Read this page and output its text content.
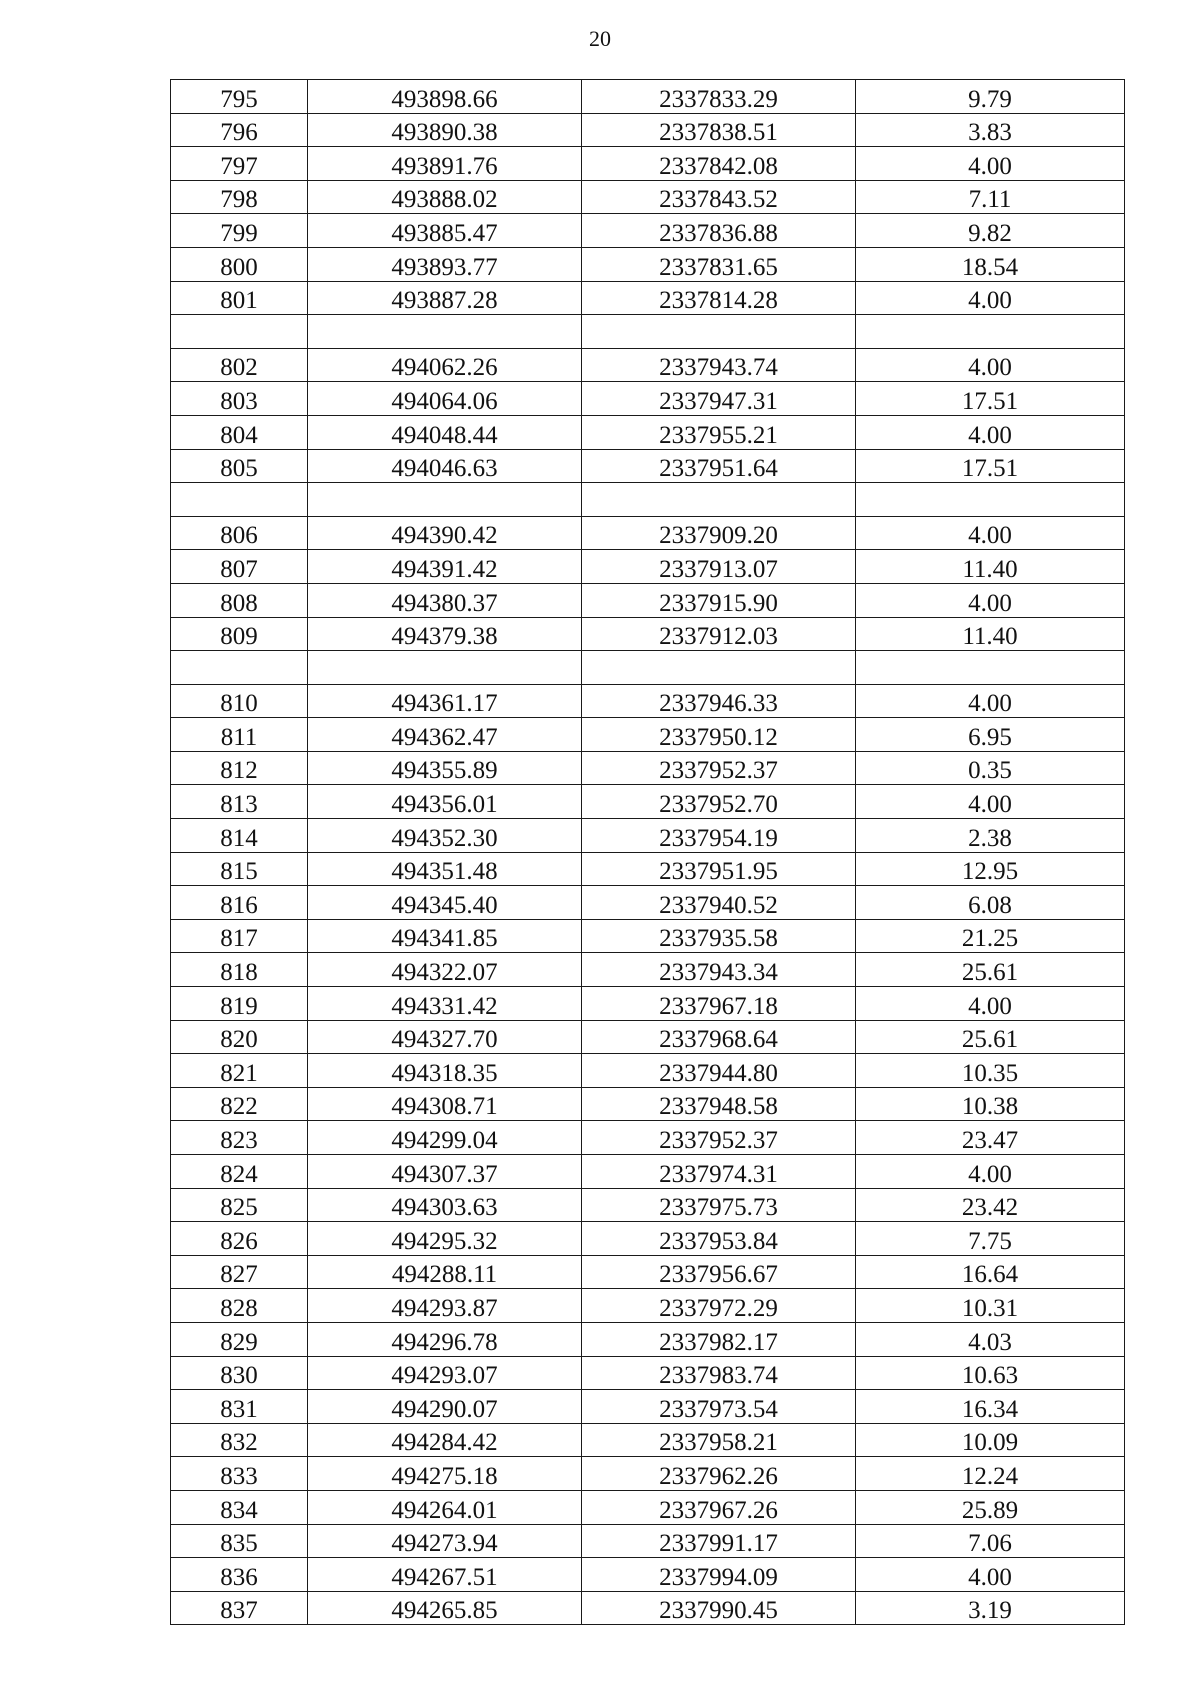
20
795	493898.66	2337833.29	9.79
796	493890.38	2337838.51	3.83
797	493891.76	2337842.08	4.00
798	493888.02	2337843.52	7.11
799	493885.47	2337836.88	9.82
800	493893.77	2337831.65	18.54
801	493887.28	2337814.28	4.00

802	494062.26	2337943.74	4.00
803	494064.06	2337947.31	17.51
804	494048.44	2337955.21	4.00
805	494046.63	2337951.64	17.51

806	494390.42	2337909.20	4.00
807	494391.42	2337913.07	11.40
808	494380.37	2337915.90	4.00
809	494379.38	2337912.03	11.40

810	494361.17	2337946.33	4.00
811	494362.47	2337950.12	6.95
812	494355.89	2337952.37	0.35
813	494356.01	2337952.70	4.00
814	494352.30	2337954.19	2.38
815	494351.48	2337951.95	12.95
816	494345.40	2337940.52	6.08
817	494341.85	2337935.58	21.25
818	494322.07	2337943.34	25.61
819	494331.42	2337967.18	4.00
820	494327.70	2337968.64	25.61
821	494318.35	2337944.80	10.35
822	494308.71	2337948.58	10.38
823	494299.04	2337952.37	23.47
824	494307.37	2337974.31	4.00
825	494303.63	2337975.73	23.42
826	494295.32	2337953.84	7.75
827	494288.11	2337956.67	16.64
828	494293.87	2337972.29	10.31
829	494296.78	2337982.17	4.03
830	494293.07	2337983.74	10.63
831	494290.07	2337973.54	16.34
832	494284.42	2337958.21	10.09
833	494275.18	2337962.26	12.24
834	494264.01	2337967.26	25.89
835	494273.94	2337991.17	7.06
836	494267.51	2337994.09	4.00
837	494265.85	2337990.45	3.19
